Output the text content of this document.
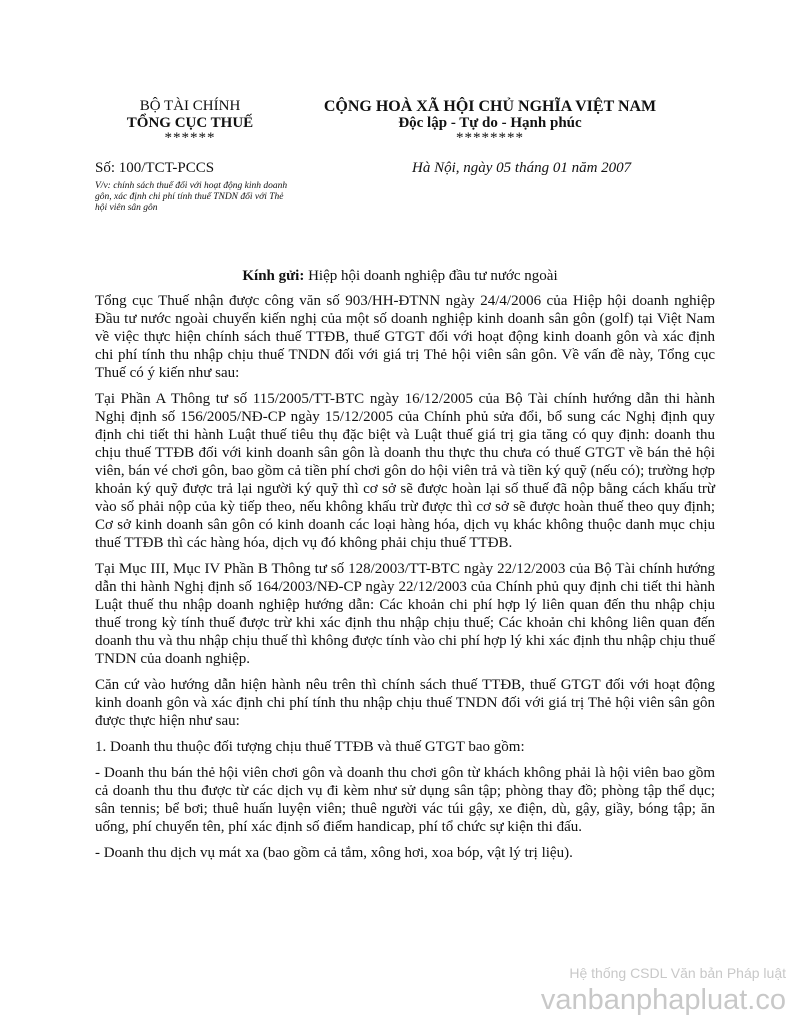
BỘ TÀI CHÍNH
TỔNG CỤC THUẾ
******
CỘNG HOÀ XÃ HỘI CHỦ NGHĨA VIỆT NAM
Độc lập - Tự do - Hạnh phúc
********
Số: 100/TCT-PCCS
V/v: chính sách thuế đối với hoạt động kinh doanh gôn, xác định chi phí tính thuế TNDN đối với Thẻ hội viên sân gôn
Hà Nội, ngày 05 tháng 01 năm 2007
Kính gửi: Hiệp hội doanh nghiệp đầu tư nước ngoài

Tổng cục Thuế nhận được công văn số 903/HH-ĐTNN ngày 24/4/2006 của Hiệp hội doanh nghiệp Đầu tư nước ngoài chuyển kiến nghị của một số doanh nghiệp kinh doanh sân gôn (golf) tại Việt Nam về việc thực hiện chính sách thuế TTĐB, thuế GTGT đối với hoạt động kinh doanh gôn và xác định chi phí tính thu nhập chịu thuế TNDN đối với giá trị Thẻ hội viên sân gôn. Về vấn đề này, Tổng cục Thuế có ý kiến như sau:

Tại Phần A Thông tư số 115/2005/TT-BTC ngày 16/12/2005 của Bộ Tài chính hướng dẫn thi hành Nghị định số 156/2005/NĐ-CP ngày 15/12/2005 của Chính phủ sửa đổi, bổ sung các Nghị định quy định chi tiết thi hành Luật thuế tiêu thụ đặc biệt và Luật thuế giá trị gia tăng có quy định: doanh thu chịu thuế TTĐB đối với kinh doanh sân gôn là doanh thu thực thu chưa có thuế GTGT về bán thẻ hội viên, bán vé chơi gôn, bao gồm cả tiền phí chơi gôn do hội viên trả và tiền ký quỹ (nếu có); trường hợp khoản ký quỹ được trả lại người ký quỹ thì cơ sở sẽ được hoàn lại số thuế đã nộp bằng cách khấu trừ vào số phải nộp của kỳ tiếp theo, nếu không khấu trừ được thì cơ sở sẽ được hoàn thuế theo quy định; Cơ sở kinh doanh sân gôn có kinh doanh các loại hàng hóa, dịch vụ khác không thuộc danh mục chịu thuế TTĐB thì các hàng hóa, dịch vụ đó không phải chịu thuế TTĐB.

Tại Mục III, Mục IV Phần B Thông tư số 128/2003/TT-BTC ngày 22/12/2003 của Bộ Tài chính hướng dẫn thi hành Nghị định số 164/2003/NĐ-CP ngày 22/12/2003 của Chính phủ quy định chi tiết thi hành Luật thuế thu nhập doanh nghiệp hướng dẫn: Các khoản chi phí hợp lý liên quan đến thu nhập chịu thuế trong kỳ tính thuế được trừ khi xác định thu nhập chịu thuế; Các khoản chi không liên quan đến doanh thu và thu nhập chịu thuế thì không được tính vào chi phí hợp lý khi xác định thu nhập chịu thuế TNDN của doanh nghiệp.

Căn cứ vào hướng dẫn hiện hành nêu trên thì chính sách thuế TTĐB, thuế GTGT đối với hoạt động kinh doanh gôn và xác định chi phí tính thu nhập chịu thuế TNDN đối với giá trị Thẻ hội viên sân gôn được thực hiện như sau:

1. Doanh thu thuộc đối tượng chịu thuế TTĐB và thuế GTGT bao gồm:

- Doanh thu bán thẻ hội viên chơi gôn và doanh thu chơi gôn từ khách không phải là hội viên bao gồm cả doanh thu thu được từ các dịch vụ đi kèm như sử dụng sân tập; phòng thay đồ; phòng tập thể dục; sân tennis; bể bơi; thuê huấn luyện viên; thuê người vác túi gậy, xe điện, dù, gậy, giầy, bóng tập; ăn uống, phí chuyển tên, phí xác định số điểm handicap, phí tổ chức sự kiện thi đấu.

- Doanh thu dịch vụ mát xa (bao gồm cả tắm, xông hơi, xoa bóp, vật lý trị liệu).

Hệ thống CSDL Văn bản Pháp luật
vanbanphapluat.co
